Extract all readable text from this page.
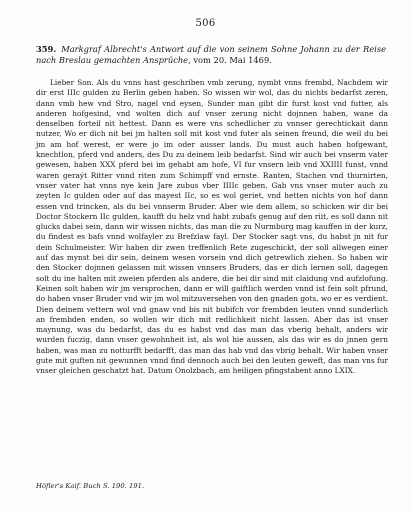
506
359. Markgraf Albrecht's Antwort auf die von seinem Sohne Johann zu der Reise nach Breslau gemachten Ansprüche, vom 20. Mai 1469.

Lieber Son. Als du vnns hast geschriben vmb zerung, nymbt vnns frembd, Nachdem wir dir erst IIIc gulden zu Berlin geben haben. So wissen wir wol, das du nichts bedarfst zeren, dann vmb hew vnd Stro, nagel vnd eysen, Sunder man gibt dir furst kost vnd futter, als anderen hofgesind, vnd wolten dich auf vnser zerung nicht dojnnen haben, wane da denselben forteil nit hettest. Dann es were vns schedlicher zu vnnser gerechtickait dann nutzer, Wo er dich nit bei jm halten soll mit kost vnd futer als seinen freund, die weil du bei jm am hof werest, er were jo im oder ausser lands. Du must auch haben hofgewant, knechtlon, pferd vnd anders, des Du zu deinem leib bedarfst. Sind wir auch bei vnserm vater gewesen, haben XXX pferd bei im gehabt am hofe, VI fur vnsern leib vnd XXIIII funst, vnnd waren geraýt Ritter vnnd riten zum Schimpff vnd ernste. Ranten, Stachen vnd thurnirten, vnser vater hat vnns nye kein Jare zubus vber IIIIc geben. Gab vns vnser muter auch zu zeyten Ic gulden oder auf das mayest IIc, so es wol geriet, vnd hetten nichts von hof dann essen vnd trincken, als du bei vnnserm Bruder. Aber wie dem allem, so schicken wir dir bei Doctor Stockern IIc gulden, kaufft du helz vnd habt zubafs genug auf den riit, es soll dann nit glucks dabei sein, dann wir wissen nichts, das man die zu Nurmburg mag kauffen in der kurz, du findest es bafs vnnd wolfayler zu Brefzlaw fayl. Der Stocker sagt vns, du habst jn nit fur dein Schulmeister. Wir haben dir zwen treffenlich Rete zugeschickt, der soll allwegen einer auf das mynst bei dir sein, deinem wesen vorsein vnd dich getrewlich ziehen. So haben wir den Stocker dojnnen gelassen mit wissen vnnsers Bruders, das er dich lernen soll, dagegen solt du ine halten mit zweien pferden als andere, die bei dir sind mit claidung vnd aufzlofung. Keinen solt haben wir jm versprochen, dann er will gaiftlich werden vnnd ist fein solt pfrund, do haben vnser Bruder vnd wir jm wol mitzuversehen von den gnaden gots, wo er es verdient. Dien deinem vettern wol vnd gnaw vnd bis nit bubifch vor frembden leuten vnnd sunderlich an frembden enden, so wollen wir dich mit redlichkeit nicht lassen. Aber das ist vnser maynung, was du bedarfst, das du es habst vnd das man das vberig behalt, anders wir wurden fuczig, dann vnser gewohnheit ist, als wol hie aussen, als das wir es do jnnen gern haben, was man zu notturfft bedarfft, das man das hab vnd das vbrig behalt. Wir haben vnser gute mit guften nit gewunnen vnnd find dennoch auch bei den leuten geweft, das man vns fur vnser gleichen geschatzt hat. Datum Onolzbach, am heiligen pfingstabent anno LXIX.

Höfler's Kaif. Buch S. 190. 191.
